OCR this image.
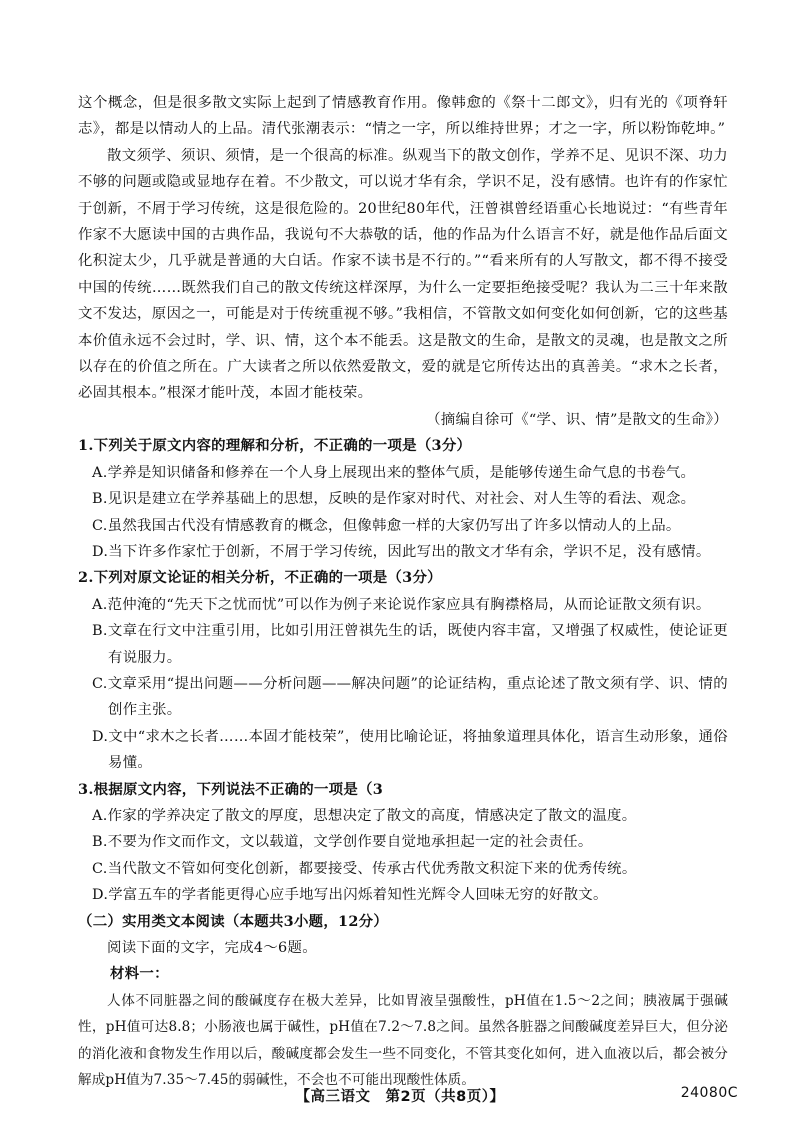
这个概念，但是很多散文实际上起到了情感教育作用。像韩愈的《祭十二郎文》，归有光的《项脊轩志》，都是以情动人的上品。清代张潮表示：“情之一字，所以维持世界；才之一字，所以粉饰乾坤。”

散文须学、须识、须情，是一个很高的标准。纵观当下的散文创作，学养不足、见识不深、功力不够的问题或隐或显地存在着。不少散文，可以说才华有余，学识不足，没有感情。也许有的作家忙于创新，不屑于学习传统，这是很危险的。20世纪80年代，汪曾祺曾经语重心长地说过：“有些青年作家不大愿读中国的古典作品，我说句不大恭敬的话，他的作品为什么语言不好，就是他作品后面文化积淀太少，几乎就是普通的大白话。作家不读书是不行的。”“看来所有的人写散文，都不得不接受中国的传统……既然我们自己的散文传统这样深厚，为什么一定要拒绝接受呢？我认为二三十年来散文不发达，原因之一，可能是对于传统重视不够。”我相信，不管散文如何变化如何创新，它的这些基本价值永远不会过时，学、识、情，这个本不能丢。这是散文的生命，是散文的灵魂，也是散文之所以存在的价值之所在。广大读者之所以依然爱散文，爱的就是它所传达出的真善美。“求木之长者，必固其根本。”根深才能叶茂，本固才能枝荣。

（摘编自徐可《“学、识、情”是散文的生命》）

1.下列关于原文内容的理解和分析，不正确的一项是（3分）

A.学养是知识储备和修养在一个人身上展现出来的整体气质，是能够传递生命气息的书卷气。

B.见识是建立在学养基础上的思想，反映的是作家对时代、对社会、对人生等的看法、观念。

C.虽然我国古代没有情感教育的概念，但像韩愈一样的大家仍写出了许多以情动人的上品。

D.当下许多作家忙于创新，不屑于学习传统，因此写出的散文才华有余，学识不足，没有感情。

2.下列对原文论证的相关分析，不正确的一项是（3分）

A.范仲淹的“先天下之忧而忧”可以作为例子来论说作家应具有胸襟格局，从而论证散文须有识。

B.文章在行文中注重引用，比如引用汪曾祺先生的话，既使内容丰富，又增强了权威性，使论证更有说服力。

C.文章采用“提出问题——分析问题——解决问题”的论证结构，重点论述了散文须有学、识、情的创作主张。

D.文中“求木之长者……本固才能枝荣”，使用比喻论证，将抽象道理具体化，语言生动形象，通俗易懂。

3.根据原文内容，下列说法不正确的一项是（3

A.作家的学养决定了散文的厚度，思想决定了散文的高度，情感决定了散文的温度。

B.不要为作文而作文，文以载道，文学创作要自觉地承担起一定的社会责任。

C.当代散文不管如何变化创新，都要接受、传承古代优秀散文积淀下来的优秀传统。

D.学富五车的学者能更得心应手地写出闪烁着知性光辉令人回味无穷的好散文。

（二）实用类文本阅读（本题共3小题，12分）

阅读下面的文字，完成4～6题。

材料一：

人体不同脏器之间的酸碱度存在极大差异，比如胃液呈强酸性，pH值在1.5～2之间；胰液属于强碱性，pH值可达8.8；小肠液也属于碱性，pH值在7.2～7.8之间。虽然各脏器之间酸碱度差异巨大，但分泌的消化液和食物发生作用以后，酸碱度都会发生一些不同变化，不管其变化如何，进入血液以后，都会被分解成pH值为7.35～7.45的弱碱性，不会也不可能出现酸性体质。

【高三语文　第2页（共8页）】	24080C
